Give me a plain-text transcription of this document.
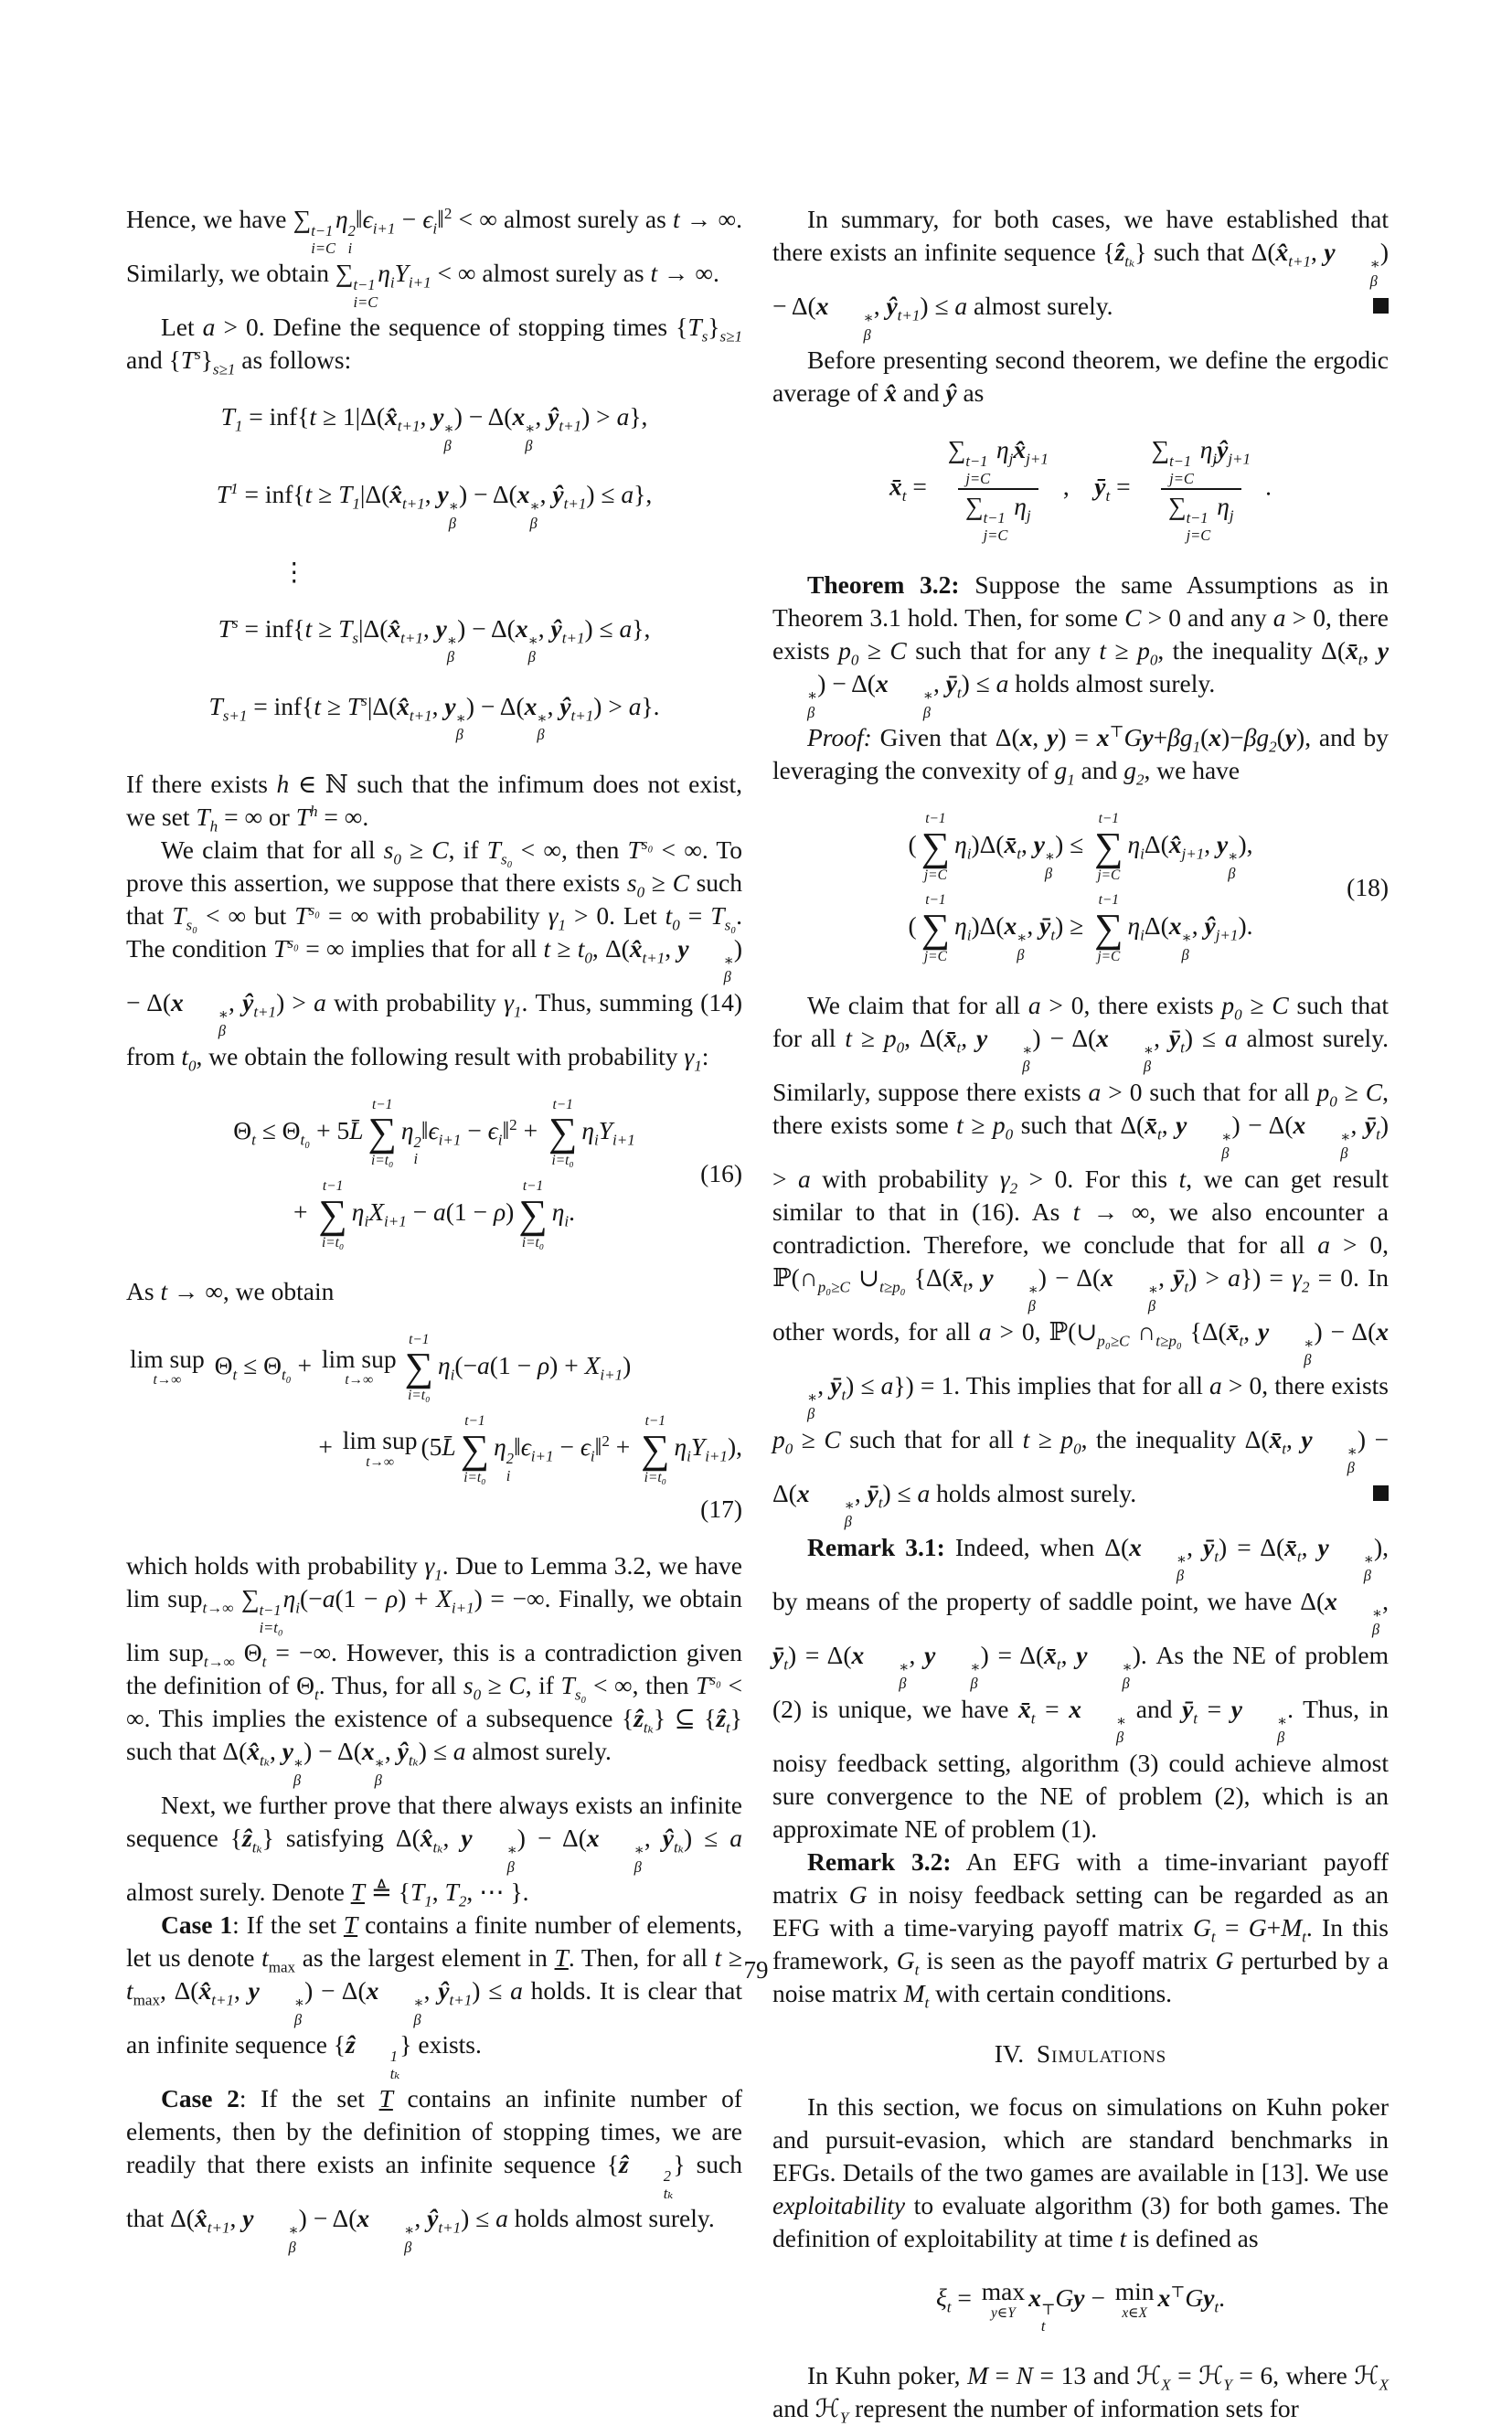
Hence, we have ∑ t−1
i=C
η 2
i
$‖\epsilon_{i+1}$ − $\epsilon_i‖^2$ < ∞ almost surely as t → ∞. Similarly, we obtain ∑ t−1
i=C
$\eta_iY_{i+1}$ < ∞ almost surely as t → ∞.

Let a > 0. Define the sequence of stopping times $\{T_s\}_{s\ge 1}$ and $\{T^s\}_{s\ge 1}$ as follows:

$T_1 = inf\{t$ ≥ $1|\Delta(x̂_{t+1}$, y ∗
β
) − Δ(x ∗
β
, $ŷ_{t+1}) > a$},
$T^1 = inf\{t$ ≥ $T_1|\Delta(x̂_{t+1}$, y ∗
β
) − Δ(x ∗
β
, $ŷ_{t+1}) \le a$},
⋮
$T^s = inf\{t$ ≥ $T_s|\Delta(x̂_{t+1}$, y ∗
β
) − Δ(x ∗
β
, $ŷ_{t+1}) \le a$},
$T_{s+1} = inf\{t$ ≥ $T^s|\Delta(x̂_{t+1}$, y ∗
β
) − Δ(x ∗
β
, $ŷ_{t+1}) > a$}.

If there exists h ∈ ℕ such that the infimum does not exist, we set $T_h$ = ∞ or $T^h$ = ∞.

We claim that for all $s_0 \ge C$, if $T_{s_0}$ < ∞, then $T^{s_0}$ < ∞. To prove this assertion, we suppose that there exists $s_0 \ge C$ such that $T_{s_0}$ < ∞ but $T^{s_0}$ = ∞ with probability $\gamma_1 > 0$. Let $t_0 = T_{s_0}$. The condition $T^{s_0}$ = ∞ implies that for all $t \ge t_0$, $\Delta(x̂_{t+1}$, y	∗
β
) − Δ(x	∗
β
, $ŷ_{t+1}) > a$ with probability $\gamma_1$. Thus, summing (14) from $t_0$, we obtain the following result with probability $\gamma_1$:

$\Theta_t \le \Theta_{t_0}$ + 5L̄
t−1
∑
i=t₀
η 2
i
$‖\epsilon_{i+1}$ − $\epsilon_i‖^2$ +
t−1
∑
i=t₀
$\eta_iY_{i+1}$
+
t−1
∑
i=t₀
$\eta_iX_{i+1} - a(1 - \rho)$
t−1
∑
i=t₀
$\eta_i$.
(16)

As t → ∞, we obtain

lim sup
t→∞
$\Theta_t \le \Theta_{t_0} + \lim$ sup
t→∞
t−1
∑
i=t₀
$\eta_i(-a(1 - \rho) + X_{i+1})$
+ lim sup
t→∞
(5L̄
t−1
∑
i=t₀
η 2
i
$‖\epsilon_{i+1}$ − $\epsilon_i‖^2$ +
t−1
∑
i=t₀
$\eta_iY_{i+1}$),
(17)

which holds with probability $\gamma_1$. Due to Lemma 3.2, we have lim sup$_{t\to\infty}$ ∑ t−1
i=t₀
$\eta_i(-a(1 - \rho) + X_{i+1})$ = −∞. Finally, we obtain lim sup$_{t\to\infty}$ $\Theta_t$ = −∞. However, this is a contradiction given the definition of $\Theta_t$. Thus, for all $s_0 \ge C$, if $T_{s_0}$ < ∞, then $T^{s_0}$ < ∞. This implies the existence of a subsequence {ẑ$_{t_k}$} ⊆ {ẑ$_t$} such that $\Delta(x̂_{t_k}$, y ∗
β
) − Δ(x ∗
β
, $ŷ_{t_k}) \le a$ almost surely.

Next, we further prove that there always exists an infinite sequence {ẑ$_{t_k}$} satisfying $\Delta(x̂_{t_k}$, y	∗
β
) − Δ(x	∗
β
, $ŷ_{t_k}) \le a$ almost surely. Denote T ≜ {$T_1$, $T_2$, ⋯ }.

Case 1: If the set T contains a finite number of elements, let us denote $t_{max}$ as the largest element in T. Then, for all $t \ge t_{max}$, $\Delta(x̂_{t+1}$, y	∗
β
) − Δ(x	∗
β
, $ŷ_{t+1}) \le a$ holds. It is clear that an infinite sequence {ẑ	1
tₖ
} exists.

Case 2: If the set T contains an infinite number of elements, then by the definition of stopping times, we are readily that there exists an infinite sequence {ẑ	2
tₖ
} such that $\Delta(x̂_{t+1}$, y	∗
β
) − Δ(x	∗
β
, $ŷ_{t+1}) \le a$ holds almost surely.

In summary, for both cases, we have established that there exists an infinite sequence {ẑ$_{t_k}$} such that $\Delta(x̂_{t+1}$, y	∗
β
) − Δ(x	∗
β
, $ŷ_{t+1}) \le a$ almost surely.

Before presenting second theorem, we define the ergodic average of x̂ and ŷ as

$x̄_t$ = ∑ t−1
j=C
$\eta_jx̂_{j+1}$
∑ t−1
j=C
$\eta_j$ , $ȳ_t$ = ∑ t−1
j=C
$\eta_jŷ_{j+1}$
∑ t−1
j=C
$\eta_j$ .

Theorem 3.2: Suppose the same Assumptions as in Theorem 3.1 hold. Then, for some C > 0 and any a > 0, there exists $p_0 \ge C$ such that for any $t \ge p_0$, the inequality $\Delta(x̄_t$, y
∗
β
) − Δ(x	∗
β
, $ȳ_t) \le a$ holds almost surely.

Proof: Given that Δ(x, $y) = x^⊤Gy+\beta g_1(x)-\beta g_2(y)$, and by leveraging the convexity of $g_1$ and $g_2$, we have

(
t−1
∑
j=C
$\eta_i)\Delta(x̄_t$, y ∗
β
) ≤
t−1
∑
j=C
$\eta_i\Delta(x̂_{j+1}$, y ∗
β
),
(
t−1
∑
j=C
$\eta_i)\Delta(x$ ∗
β
, $ȳ_t$) ≥
t−1
∑
j=C
$\eta_i\Delta(x$ ∗
β
, $ŷ_{j+1}$).
(18)

We claim that for all a > 0, there exists $p_0 \ge C$ such that for all $t \ge p_0$, $\Delta(x̄_t$, y	∗
β
) − Δ(x	∗
β
, $ȳ_t) \le a$ almost surely. Similarly, suppose there exists a > 0 such that for all $p_0 \ge C$, there exists some $t \ge p_0$ such that $\Delta(x̄_t$, y	∗
β
) − Δ(x	∗
β
, $ȳ_t) > a$ with probability $\gamma_2 > 0$. For this t, we can get result similar to that in (16). As t → ∞, we also encounter a contradiction. Therefore, we conclude that for all a > 0, $ℙ(\cap_{p_0\ge C}$ $\cup_{t\ge p_0}$ {$\Delta(x̄_t$, y	∗
β
) − Δ(x	∗
β
, $ȳ_t) > a\}) = \gamma_2 = 0$. In other words, for all a > 0, $ℙ(\cup_{p_0\ge C}$ $\cap_{t\ge p_0}$ {$\Delta(x̄_t$, y	∗
β
) − Δ(x
∗
β
, $ȳ_t) \le a\}) = 1$. This implies that for all a > 0, there exists $p_0 \ge C$ such that for all $t \ge p_0$, the inequality $\Delta(x̄_t$, y	∗
β
) − Δ(x	∗
β
, $ȳ_t) \le a$ holds almost surely.

Remark 3.1: Indeed, when Δ(x	∗
β
, $ȳ_t$) = $\Delta(x̄_t$, y	∗
β
), by means of the property of saddle point, we have Δ(x	∗
β
, $ȳ_t) = \Delta(x$	∗
β
, y	∗
β
) = $\Delta(x̄_t$, y	∗
β
). As the NE of problem (2) is unique, we have $x̄_t = x$	∗
β
and $ȳ_t = y$	∗
β
. Thus, in noisy feedback setting, algorithm (3) could achieve almost sure convergence to the NE of problem (2), which is an approximate NE of problem (1).

Remark 3.2: An EFG with a time-invariant payoff matrix G in noisy feedback setting can be regarded as an EFG with a time-varying payoff matrix $G_t = G+M_t$. In this framework, $G_t$ is seen as the payoff matrix G perturbed by a noise matrix $M_t$ with certain conditions.

IV. Simulations

In this section, we focus on simulations on Kuhn poker and pursuit-evasion, which are standard benchmarks in EFGs. Details of the two games are available in [13]. We use exploitability to evaluate algorithm (3) for both games. The definition of exploitability at time t is defined as

$\xi_t = \max$
y∈Y
x ⊤
t
Gy − min
x∈X
$x^⊤Gy_t$.

In Kuhn poker, M = N = 13 and ℋ$_X$ = ℋ$_Y$ = 6, where ℋ$_X$ and ℋ$_Y$ represent the number of information sets for

79
